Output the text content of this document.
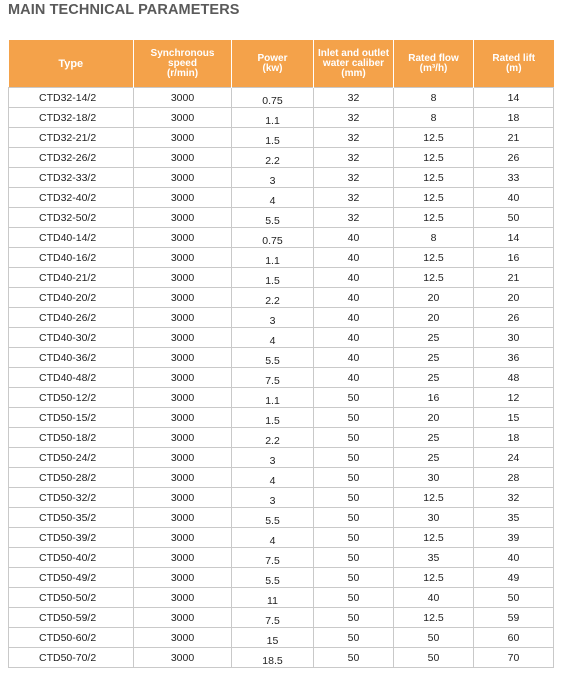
MAIN TECHNICAL PARAMETERS
Type	Synchronous
speed
(r/min)	Power
(kw)	Inlet and outlet
water caliber
(mm)	Rated flow
(m³/h)	Rated lift
(m)
CTD32-14/2	3000	0.75	32	8	14
CTD32-18/2	3000	1.1	32	8	18
CTD32-21/2	3000	1.5	32	12.5	21
CTD32-26/2	3000	2.2	32	12.5	26
CTD32-33/2	3000	3	32	12.5	33
CTD32-40/2	3000	4	32	12.5	40
CTD32-50/2	3000	5.5	32	12.5	50
CTD40-14/2	3000	0.75	40	8	14
CTD40-16/2	3000	1.1	40	12.5	16
CTD40-21/2	3000	1.5	40	12.5	21
CTD40-20/2	3000	2.2	40	20	20
CTD40-26/2	3000	3	40	20	26
CTD40-30/2	3000	4	40	25	30
CTD40-36/2	3000	5.5	40	25	36
CTD40-48/2	3000	7.5	40	25	48
CTD50-12/2	3000	1.1	50	16	12
CTD50-15/2	3000	1.5	50	20	15
CTD50-18/2	3000	2.2	50	25	18
CTD50-24/2	3000	3	50	25	24
CTD50-28/2	3000	4	50	30	28
CTD50-32/2	3000	3	50	12.5	32
CTD50-35/2	3000	5.5	50	30	35
CTD50-39/2	3000	4	50	12.5	39
CTD50-40/2	3000	7.5	50	35	40
CTD50-49/2	3000	5.5	50	12.5	49
CTD50-50/2	3000	11	50	40	50
CTD50-59/2	3000	7.5	50	12.5	59
CTD50-60/2	3000	15	50	50	60
CTD50-70/2	3000	18.5	50	50	70
